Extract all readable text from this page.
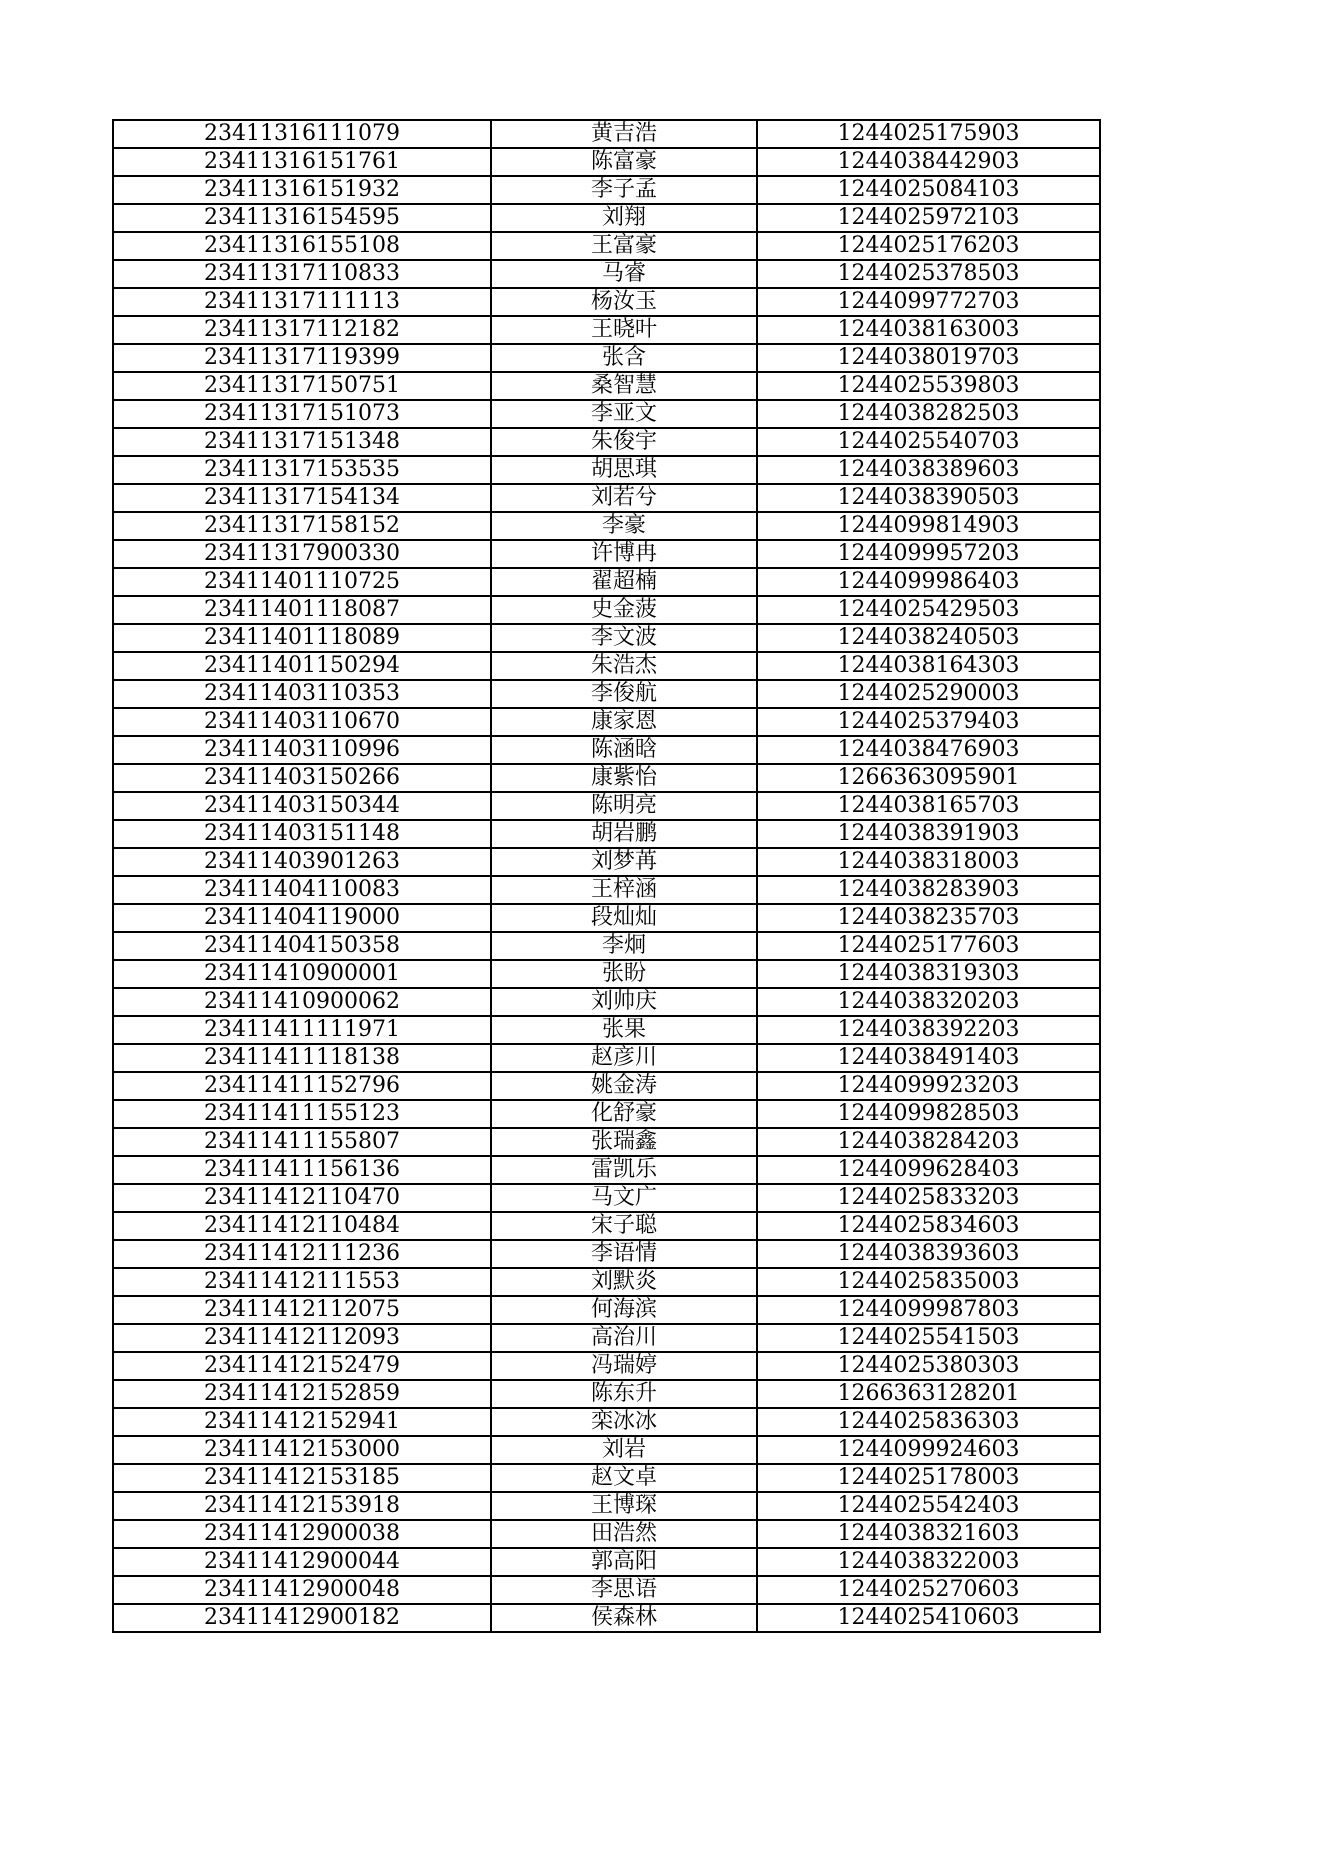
23411316111079	黄吉浩	1244025175903
23411316151761	陈富豪	1244038442903
23411316151932	李子孟	1244025084103
23411316154595	刘翔	1244025972103
23411316155108	王富豪	1244025176203
23411317110833	马睿	1244025378503
23411317111113	杨汝玉	1244099772703
23411317112182	王晓叶	1244038163003
23411317119399	张含	1244038019703
23411317150751	桑智慧	1244025539803
23411317151073	李亚文	1244038282503
23411317151348	朱俊宇	1244025540703
23411317153535	胡思琪	1244038389603
23411317154134	刘若兮	1244038390503
23411317158152	李豪	1244099814903
23411317900330	许博冉	1244099957203
23411401110725	翟超楠	1244099986403
23411401118087	史金菠	1244025429503
23411401118089	李文波	1244038240503
23411401150294	朱浩杰	1244038164303
23411403110353	李俊航	1244025290003
23411403110670	康家恩	1244025379403
23411403110996	陈涵晗	1244038476903
23411403150266	康紫怡	1266363095901
23411403150344	陈明亮	1244038165703
23411403151148	胡岩鹏	1244038391903
23411403901263	刘梦苒	1244038318003
23411404110083	王梓涵	1244038283903
23411404119000	段灿灿	1244038235703
23411404150358	李炯	1244025177603
23411410900001	张盼	1244038319303
23411410900062	刘帅庆	1244038320203
23411411111971	张果	1244038392203
23411411118138	赵彦川	1244038491403
23411411152796	姚金涛	1244099923203
23411411155123	化舒豪	1244099828503
23411411155807	张瑞鑫	1244038284203
23411411156136	雷凯乐	1244099628403
23411412110470	马文广	1244025833203
23411412110484	宋子聪	1244025834603
23411412111236	李语情	1244038393603
23411412111553	刘默炎	1244025835003
23411412112075	何海滨	1244099987803
23411412112093	高治川	1244025541503
23411412152479	冯瑞婷	1244025380303
23411412152859	陈东升	1266363128201
23411412152941	栾冰冰	1244025836303
23411412153000	刘岩	1244099924603
23411412153185	赵文卓	1244025178003
23411412153918	王博琛	1244025542403
23411412900038	田浩然	1244038321603
23411412900044	郭高阳	1244038322003
23411412900048	李思语	1244025270603
23411412900182	侯森林	1244025410603
